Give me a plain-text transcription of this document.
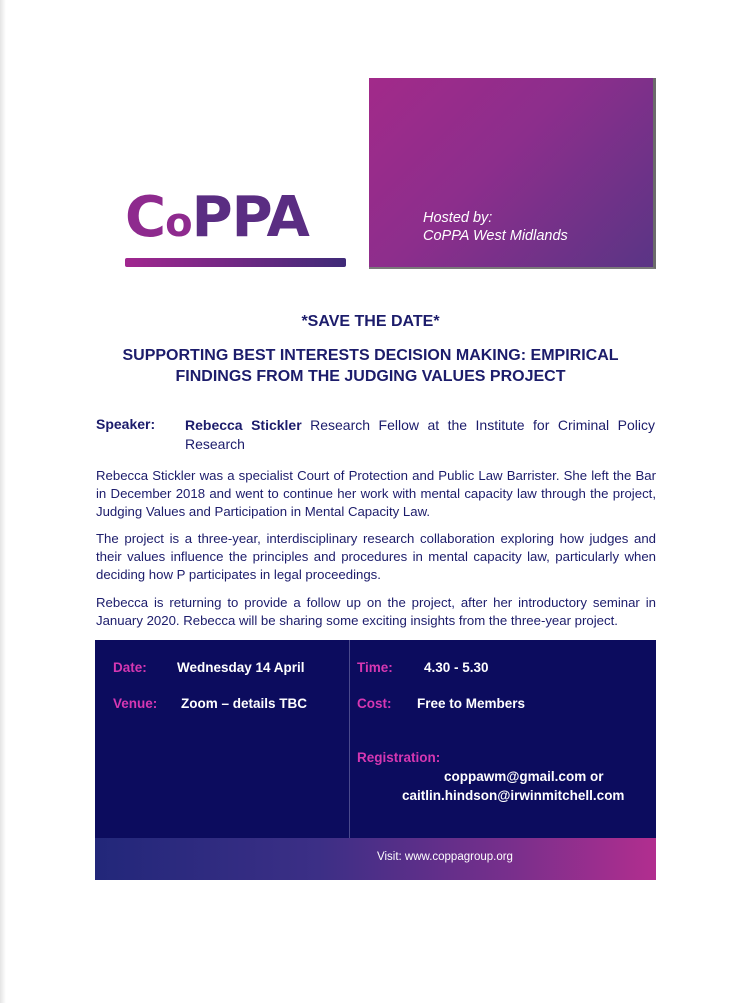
CoPPA	Hosted by:
CoPPA West Midlands
*SAVE THE DATE*
SUPPORTING BEST INTERESTS DECISION MAKING: EMPIRICAL
FINDINGS FROM THE JUDGING VALUES PROJECT
Speaker: Rebecca Stickler Research Fellow at the Institute for Criminal Policy Research
Rebecca Stickler was a specialist Court of Protection and Public Law Barrister. She left the Bar in December 2018 and went to continue her work with mental capacity law through the project, Judging Values and Participation in Mental Capacity Law.
The project is a three-year, interdisciplinary research collaboration exploring how judges and their values influence the principles and procedures in mental capacity law, particularly when deciding how P participates in legal proceedings.
Rebecca is returning to provide a follow up on the project, after her introductory seminar in January 2020. Rebecca will be sharing some exciting insights from the three-year project.
Date: Wednesday 14 April	Time: 4.30 - 5.30
Venue: Zoom – details TBC	Cost: Free to Members
Registration:
coppawm@gmail.com or
caitlin.hindson@irwinmitchell.com
Visit: www.coppagroup.org
